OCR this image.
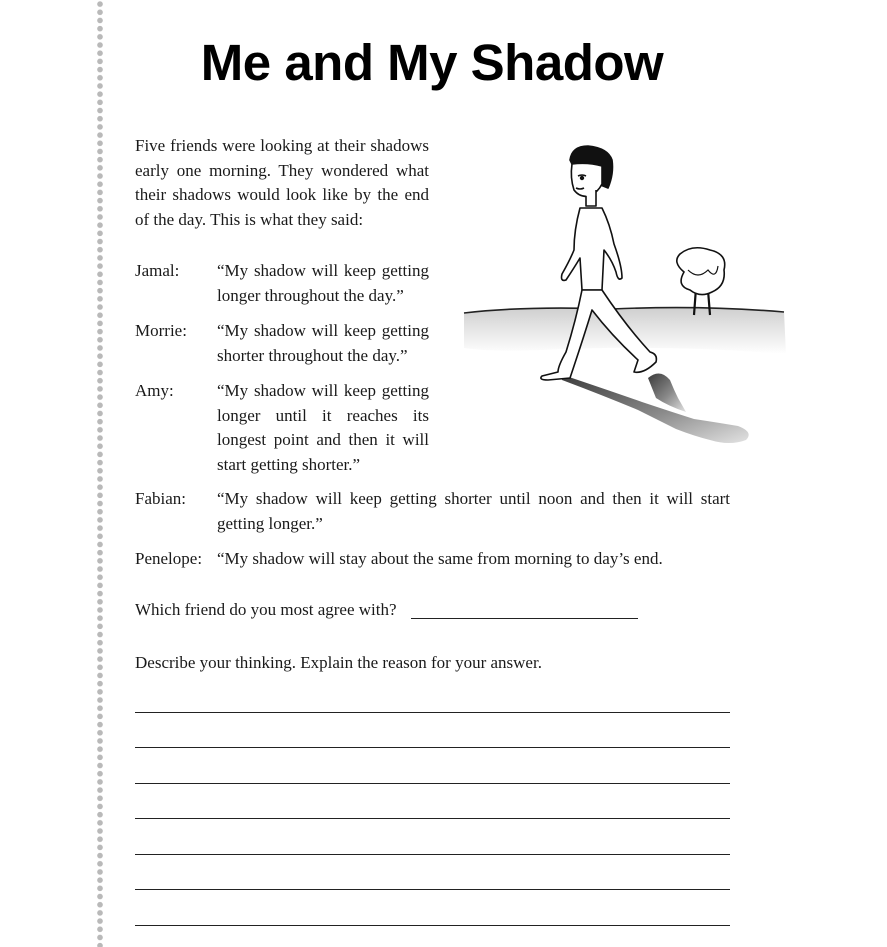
Me and My Shadow

Five friends were looking at their shadows early one morning. They wondered what their shadows would look like by the end of the day. This is what they said:

Jamal: “My shadow will keep getting longer throughout the day.”

Morrie: “My shadow will keep getting shorter throughout the day.”

Amy:	“My shadow will keep getting longer until it reaches its longest point and then it will start getting shorter.”

Fabian: “My shadow will keep getting shorter until noon and then it will start getting longer.”

Penelope: “My shadow will stay about the same from morning to day’s end.

Which friend do you most agree with?

Describe your thinking. Explain the reason for your answer.
